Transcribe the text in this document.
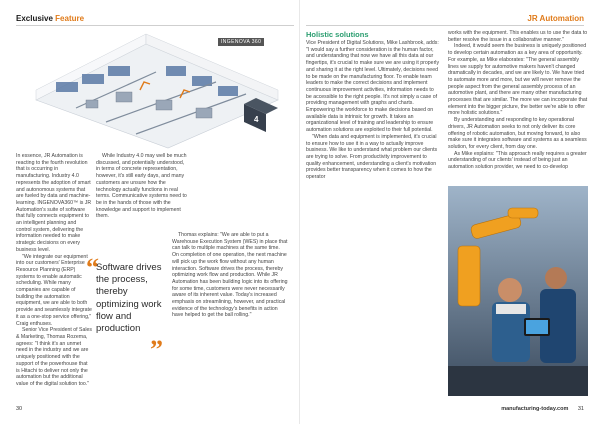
Exclusive Feature
4
INGENOVA 360

In essence, JR Automation is reacting to the fourth revolution that is occurring in manufacturing. Industry 4.0 represents the adoption of smart and autonomous systems that are fueled by data and machine-learning. INGENOVA360™ is JR Automation's suite of software that fully connects equipment to an intelligent planning and control system, delivering the information needed to make strategic decisions on every business level.

"We integrate our equipment into our customers' Enterprise Resource Planning (ERP) systems to enable automatic scheduling. While many companies are capable of building the automation equipment, we are able to both provide and seamlessly integrate it as a one-stop service offering," Craig enthuses.

Senior Vice President of Sales & Marketing, Thomas Rozema, agrees: "I think it's an unmet need in the industry and we are uniquely positioned with the support of the powerhouse that is Hitachi to deliver not only the automation but the additional value of the digital solution too."

While Industry 4.0 may well be much discussed, and potentially understood, in terms of concrete representation, however, it's still early days, and many customers are unsure how the technology actually functions in real terms. Communicative systems need to be in the hands of those with the knowledge and support to implement them.

“
Software drives the process, thereby optimizing work flow and production
”

Thomas explains: "We are able to put a Warehouse Execution System (WES) in place that can talk to multiple machines at the same time. On completion of one operation, the next machine will pick up the work flow without any human interaction. Software drives the process, thereby optimizing work flow and production. While JR Automation has been building logic into its offering for some time, customers were never necessarily aware of its inherent value. Today's increased emphasis on streamlining, however, and practical evidence of the technology's benefits in action have helped to get the ball rolling."

30
JR Automation
Holistic solutions

Vice President of Digital Solutions, Mike Lashbrook, adds: "I would say a further consideration is the human factor, and understanding that now we have all this data at our fingertips, it's crucial to make sure we are using it properly and sharing it at the right level. Ultimately, decisions need to be made on the manufacturing floor. To enable team leaders to make the correct decisions and implement continuous improvement activities, information needs to be accessible to the right people. It's not simply a case of providing management with graphs and charts. Empowering the workforce to make decisions based on available data is intrinsic for growth. It takes an organizational level of training and leadership to ensure automation solutions are exploited to their full potential.

"When data and equipment is implemented, it's crucial to ensure how to use it in a way to actually improve business. We like to understand what problem our clients are trying to solve. From productivity improvement to quality enhancement, understanding a client's motivation provides better transparency when it comes to how the operator

works with the equipment. This enables us to use the data to better resolve the issue in a collaborative manner."

Indeed, it would seem the business is uniquely positioned to develop certain automation as a key area of opportunity. For example, as Mike elaborates: "The general assembly lines we supply for automotive makers haven't changed dramatically in decades, and we are likely to. We have tried to automate more and more, but we will never remove the people aspect from the general assembly process of an automotive plant, and there are many other manufacturing processes that are similar. The more we can incorporate that element into the bigger picture, the better we're able to offer more holistic solutions."

By understanding and responding to key operational drivers, JR Automation seeks to not only deliver its core offering of robotic automation, but moving forward, to also make sure it integrates software and systems as a seamless solution, for every client, from day one.

As Mike explains: "This approach really requires a greater understanding of our clients' instead of being just an automation solution provider, we need to co-develop

manufacturing-today.com 31
